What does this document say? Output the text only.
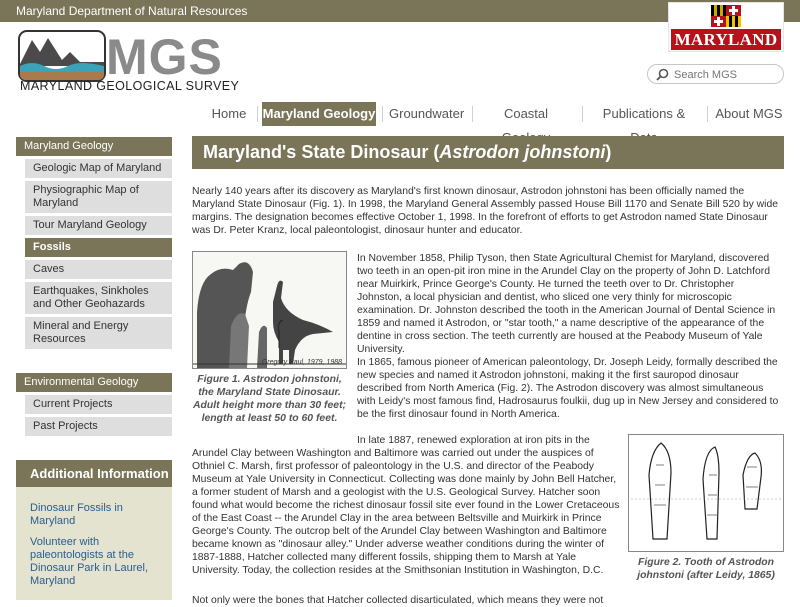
Maryland Department of Natural Resources
MARYLAND
MGS
MARYLAND GEOLOGICAL SURVEY
Search MGS
Home	Maryland Geology Groundwater	Coastal	Publications &	About MGS
Maryland Geology
Geologic Map of Maryland
Physiographic Map of Maryland
Tour Maryland Geology
Fossils
Caves
Earthquakes, Sinkholes and Other Geohazards
Mineral and Energy Resources
Environmental Geology
Current Projects
Past Projects
Additional Information
Dinosaur Fossils in Maryland
Volunteer with paleontologists at the Dinosaur Park in Laurel, Maryland
Maryland's State Dinosaur (Astrodon johnstoni)

Nearly 140 years after its discovery as Maryland's first known dinosaur, Astrodon johnstoni has been officially named the Maryland State Dinosaur (Fig. 1). In 1998, the Maryland General Assembly passed House Bill 1170 and Senate Bill 520 by wide margins. The designation becomes effective October 1, 1998. In the forefront of efforts to get Astrodon named State Dinosaur was Dr. Peter Kranz, local paleontologist, dinosaur hunter and educator.

Gregory Paul, 1979, 1988
Figure 1. Astrodon johnstoni, the Maryland State Dinosaur. Adult height more than 30 feet; length at least 50 to 60 feet.

In November 1858, Philip Tyson, then State Agricultural Chemist for Maryland, discovered two teeth in an open-pit iron mine in the Arundel Clay on the property of John D. Latchford near Muirkirk, Prince George's County. He turned the teeth over to Dr. Christopher Johnston, a local physician and dentist, who sliced one very thinly for microscopic examination. Dr. Johnston described the tooth in the American Journal of Dental Science in 1859 and named it Astrodon, or "star tooth," a name descriptive of the appearance of the dentine in cross section. The teeth currently are housed at the Peabody Museum of Yale University.

In 1865, famous pioneer of American paleontology, Dr. Joseph Leidy, formally described the new species and named it Astrodon johnstoni, making it the first sauropod dinosaur described from North America (Fig. 2). The Astrodon discovery was almost simultaneous with Leidy's most famous find, Hadrosaurus foulkii, dug up in New Jersey and considered to be the first dinosaur found in North America.

In late 1887, renewed exploration at iron pits in the Arundel Clay between Washington and Baltimore was carried out under the auspices of Othniel C. Marsh, first professor of paleontology in the U.S. and director of the Peabody Museum at Yale University in Connecticut. Collecting was done mainly by John Bell Hatcher, a former student of Marsh and a geologist with the U.S. Geological Survey. Hatcher soon found what would become the richest dinosaur fossil site ever found in the Lower Cretaceous of the East Coast -- the Arundel Clay in the area between Beltsville and Muirkirk in Prince George's County. The outcrop belt of the Arundel Clay between Washington and Baltimore became known as "dinosaur alley." Under adverse weather conditions during the winter of 1887-1888, Hatcher collected many different fossils, shipping them to Marsh at Yale University. Today, the collection resides at the Smithsonian Institution in Washington, D.C.

Figure 2. Tooth of Astrodon johnstoni (after Leidy, 1865)

Not only were the bones that Hatcher collected disarticulated, which means they were not
